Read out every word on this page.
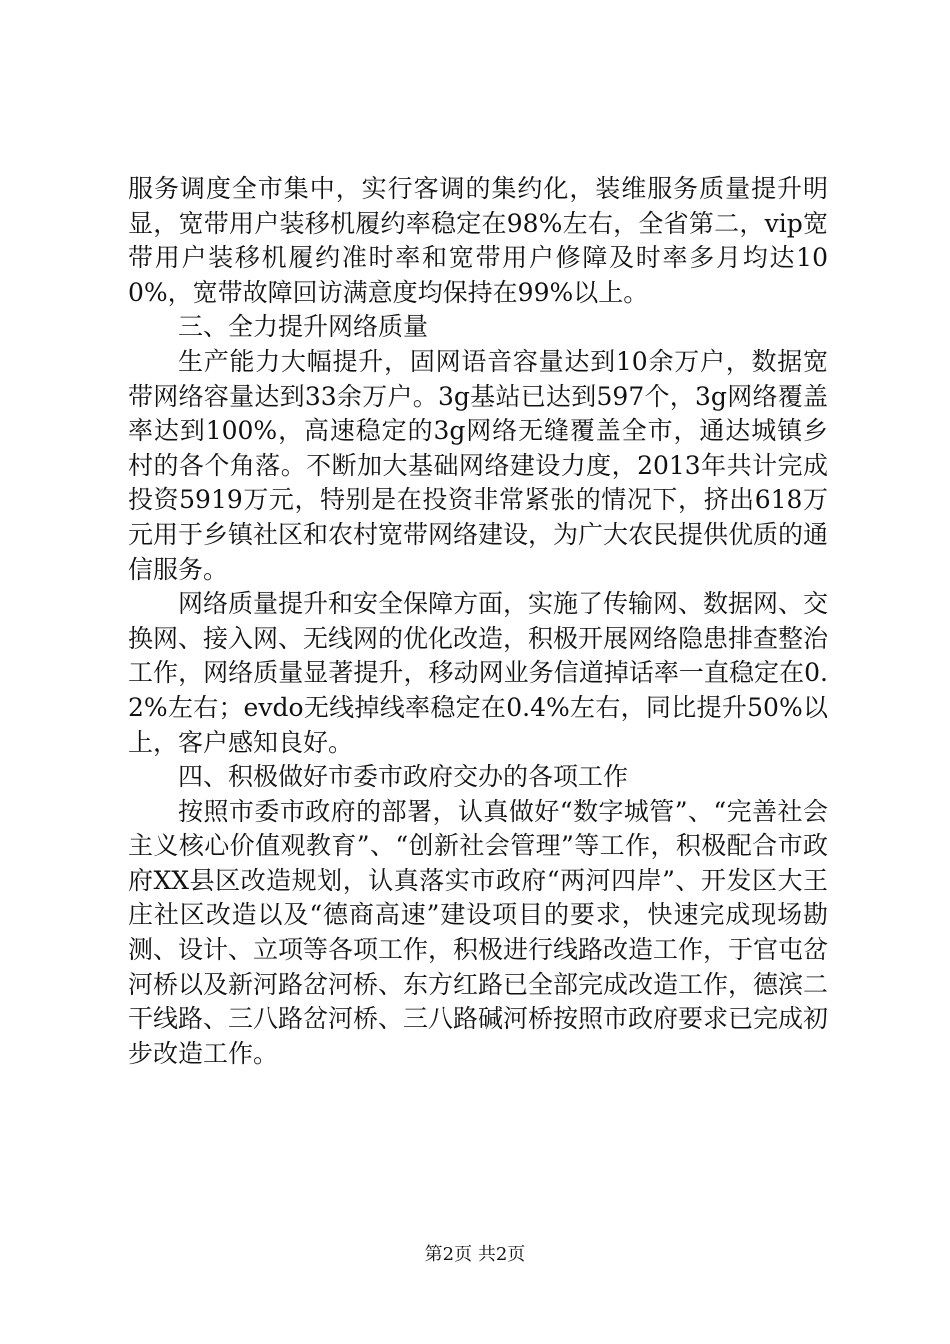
服务调度全市集中，实行客调的集约化，装维服务质量提升明显，宽带用户装移机履约率稳定在98%左右，全省第二，vip宽带用户装移机履约准时率和宽带用户修障及时率多月均达100%，宽带故障回访满意度均保持在99%以上。

三、全力提升网络质量

生产能力大幅提升，固网语音容量达到10余万户，数据宽带网络容量达到33余万户。3g基站已达到597个，3g网络覆盖率达到100%，高速稳定的3g网络无缝覆盖全市，通达城镇乡村的各个角落。不断加大基础网络建设力度，2013年共计完成投资5919万元，特别是在投资非常紧张的情况下，挤出618万元用于乡镇社区和农村宽带网络建设，为广大农民提供优质的通信服务。

网络质量提升和安全保障方面，实施了传输网、数据网、交换网、接入网、无线网的优化改造，积极开展网络隐患排查整治工作，网络质量显著提升，移动网业务信道掉话率一直稳定在0.2%左右；evdo无线掉线率稳定在0.4%左右，同比提升50%以上，客户感知良好。

四、积极做好市委市政府交办的各项工作

按照市委市政府的部署，认真做好“数字城管”、“完善社会主义核心价值观教育”、“创新社会管理”等工作，积极配合市政府XX县区改造规划，认真落实市政府“两河四岸”、开发区大王庄社区改造以及“德商高速”建设项目的要求，快速完成现场勘测、设计、立项等各项工作，积极进行线路改造工作，于官屯岔河桥以及新河路岔河桥、东方红路已全部完成改造工作，德滨二干线路、三八路岔河桥、三八路碱河桥按照市政府要求已完成初步改造工作。

第2页 共2页
